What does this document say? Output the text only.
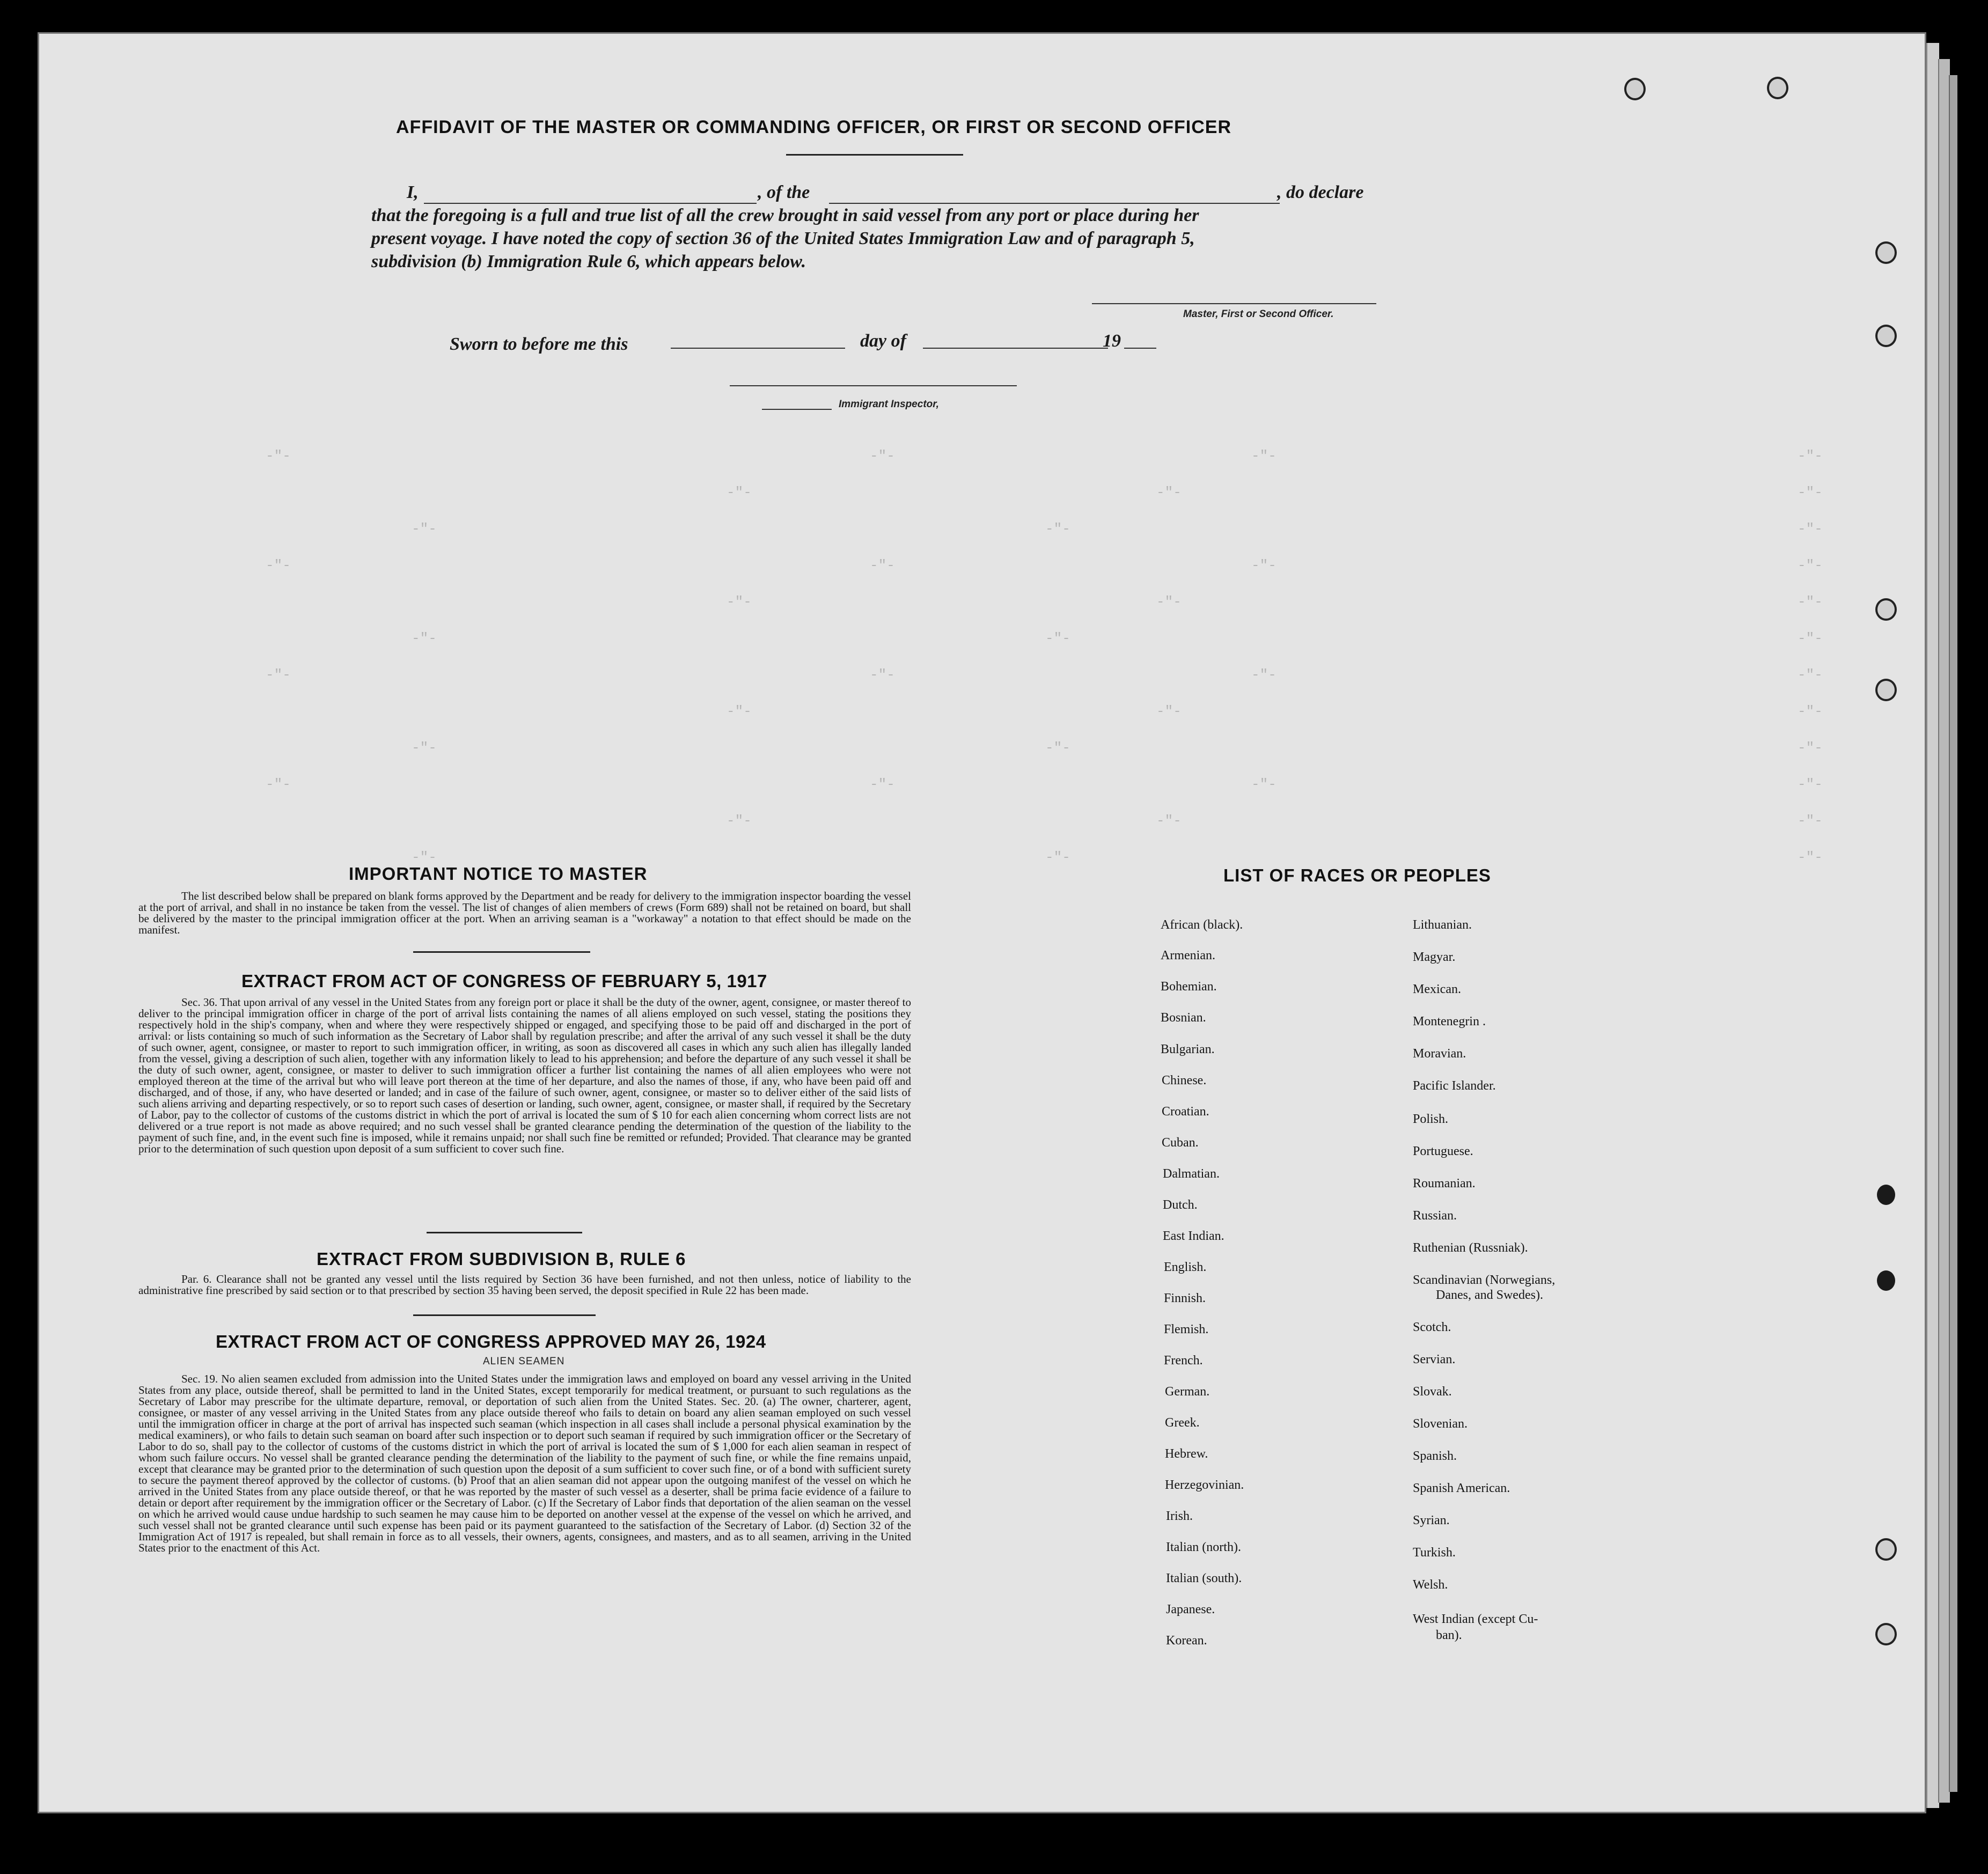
-"-	-"-	-"-	-"-
-"-	-"-	-"-
-"-	-"-	-"-
-"-	-"-	-"-	-"-
-"-	-"-	-"-
-"-	-"-	-"-
-"-	-"-	-"-	-"-
-"-	-"-	-"-
-"-	-"-	-"-
-"-	-"-	-"-	-"-
-"-	-"-	-"-
-"-	-"-	-"-
AFFIDAVIT OF THE MASTER OR COMMANDING OFFICER, OR FIRST OR SECOND OFFICER
I,	, of the	, do declare
that the foregoing is a full and true list of all the crew brought in said vessel from any port or place during her
present voyage. I have noted the copy of section 36 of the United States Immigration Law and of paragraph 5,
subdivision (b) Immigration Rule 6, which appears below.
Master, First or Second Officer.
Sworn to before me this	day of	19
Immigrant Inspector,
IMPORTANT NOTICE TO MASTER
The list described below shall be prepared on blank forms approved by the Department and be ready for delivery to the immigration inspector boarding the vessel at the port of arrival, and shall in no instance be taken from the vessel. The list of changes of alien members of crews (Form 689) shall not be retained on board, but shall be delivered by the master to the principal immigration officer at the port. When an arriving seaman is a "workaway" a notation to that effect should be made on the manifest.
EXTRACT FROM ACT OF CONGRESS OF FEBRUARY 5, 1917
Sec. 36. That upon arrival of any vessel in the United States from any foreign port or place it shall be the duty of the owner, agent, consignee, or master thereof to deliver to the principal immigration officer in charge of the port of arrival lists containing the names of all aliens employed on such vessel, stating the positions they respectively hold in the ship's company, when and where they were respectively shipped or engaged, and specifying those to be paid off and discharged in the port of arrival: or lists containing so much of such information as the Secretary of Labor shall by regulation prescribe; and after the arrival of any such vessel it shall be the duty of such owner, agent, consignee, or master to report to such immigration officer, in writing, as soon as discovered all cases in which any such alien has illegally landed from the vessel, giving a description of such alien, together with any information likely to lead to his apprehension; and before the departure of any such vessel it shall be the duty of such owner, agent, consignee, or master to deliver to such immigration officer a further list containing the names of all alien employees who were not employed thereon at the time of the arrival but who will leave port thereon at the time of her departure, and also the names of those, if any, who have been paid off and discharged, and of those, if any, who have deserted or landed; and in case of the failure of such owner, agent, consignee, or master so to deliver either of the said lists of such aliens arriving and departing respectively, or so to report such cases of desertion or landing, such owner, agent, consignee, or master shall, if required by the Secretary of Labor, pay to the collector of customs of the customs district in which the port of arrival is located the sum of $ 10 for each alien concerning whom correct lists are not delivered or a true report is not made as above required; and no such vessel shall be granted clearance pending the determination of the question of the liability to the payment of such fine, and, in the event such fine is imposed, while it remains unpaid; nor shall such fine be remitted or refunded; Provided. That clearance may be granted prior to the determination of such question upon deposit of a sum sufficient to cover such fine.
EXTRACT FROM SUBDIVISION B, RULE 6
Par. 6. Clearance shall not be granted any vessel until the lists required by Section 36 have been furnished, and not then unless, notice of liability to the administrative fine prescribed by said section or to that prescribed by section 35 having been served, the deposit specified in Rule 22 has been made.
EXTRACT FROM ACT OF CONGRESS APPROVED MAY 26, 1924
ALIEN SEAMEN
Sec. 19. No alien seamen excluded from admission into the United States under the immigration laws and employed on board any vessel arriving in the United States from any place, outside thereof, shall be permitted to land in the United States, except temporarily for medical treatment, or pursuant to such regulations as the Secretary of Labor may prescribe for the ultimate departure, removal, or deportation of such alien from the United States. Sec. 20. (a) The owner, charterer, agent, consignee, or master of any vessel arriving in the United States from any place outside thereof who fails to detain on board any alien seaman employed on such vessel until the immigration officer in charge at the port of arrival has inspected such seaman (which inspection in all cases shall include a personal physical examination by the medical examiners), or who fails to detain such seaman on board after such inspection or to deport such seaman if required by such immigration officer or the Secretary of Labor to do so, shall pay to the collector of customs of the customs district in which the port of arrival is located the sum of $ 1,000 for each alien seaman in respect of whom such failure occurs. No vessel shall be granted clearance pending the determination of the liability to the payment of such fine, or while the fine remains unpaid, except that clearance may be granted prior to the determination of such question upon the deposit of a sum sufficient to cover such fine, or of a bond with sufficient surety to secure the payment thereof approved by the collector of customs. (b) Proof that an alien seaman did not appear upon the outgoing manifest of the vessel on which he arrived in the United States from any place outside thereof, or that he was reported by the master of such vessel as a deserter, shall be prima facie evidence of a failure to detain or deport after requirement by the immigration officer or the Secretary of Labor. (c) If the Secretary of Labor finds that deportation of the alien seaman on the vessel on which he arrived would cause undue hardship to such seamen he may cause him to be deported on another vessel at the expense of the vessel on which he arrived, and such vessel shall not be granted clearance until such expense has been paid or its payment guaranteed to the satisfaction of the Secretary of Labor. (d) Section 32 of the Immigration Act of 1917 is repealed, but shall remain in force as to all vessels, their owners, agents, consignees, and masters, and as to all seamen, arriving in the United States prior to the enactment of this Act.
LIST OF RACES OR PEOPLES
African (black).
Armenian.
Bohemian.
Bosnian.
Bulgarian.
Chinese.
Croatian.
Cuban.
Dalmatian.
Dutch.
East Indian.
English.
Finnish.
Flemish.
French.
German.
Greek.
Hebrew.
Herzegovinian.
Irish.
Italian (north).
Italian (south).
Japanese.
Korean.
Lithuanian.
Magyar.
Mexican.
Montenegrin .
Moravian.
Pacific Islander.
Polish.
Portuguese.
Roumanian.
Russian.
Ruthenian (Russniak).
Scandinavian (Norwegians,
Danes, and Swedes).
Scotch.
Servian.
Slovak.
Slovenian.
Spanish.
Spanish American.
Syrian.
Turkish.
Welsh.
West Indian (except Cu-
ban).
